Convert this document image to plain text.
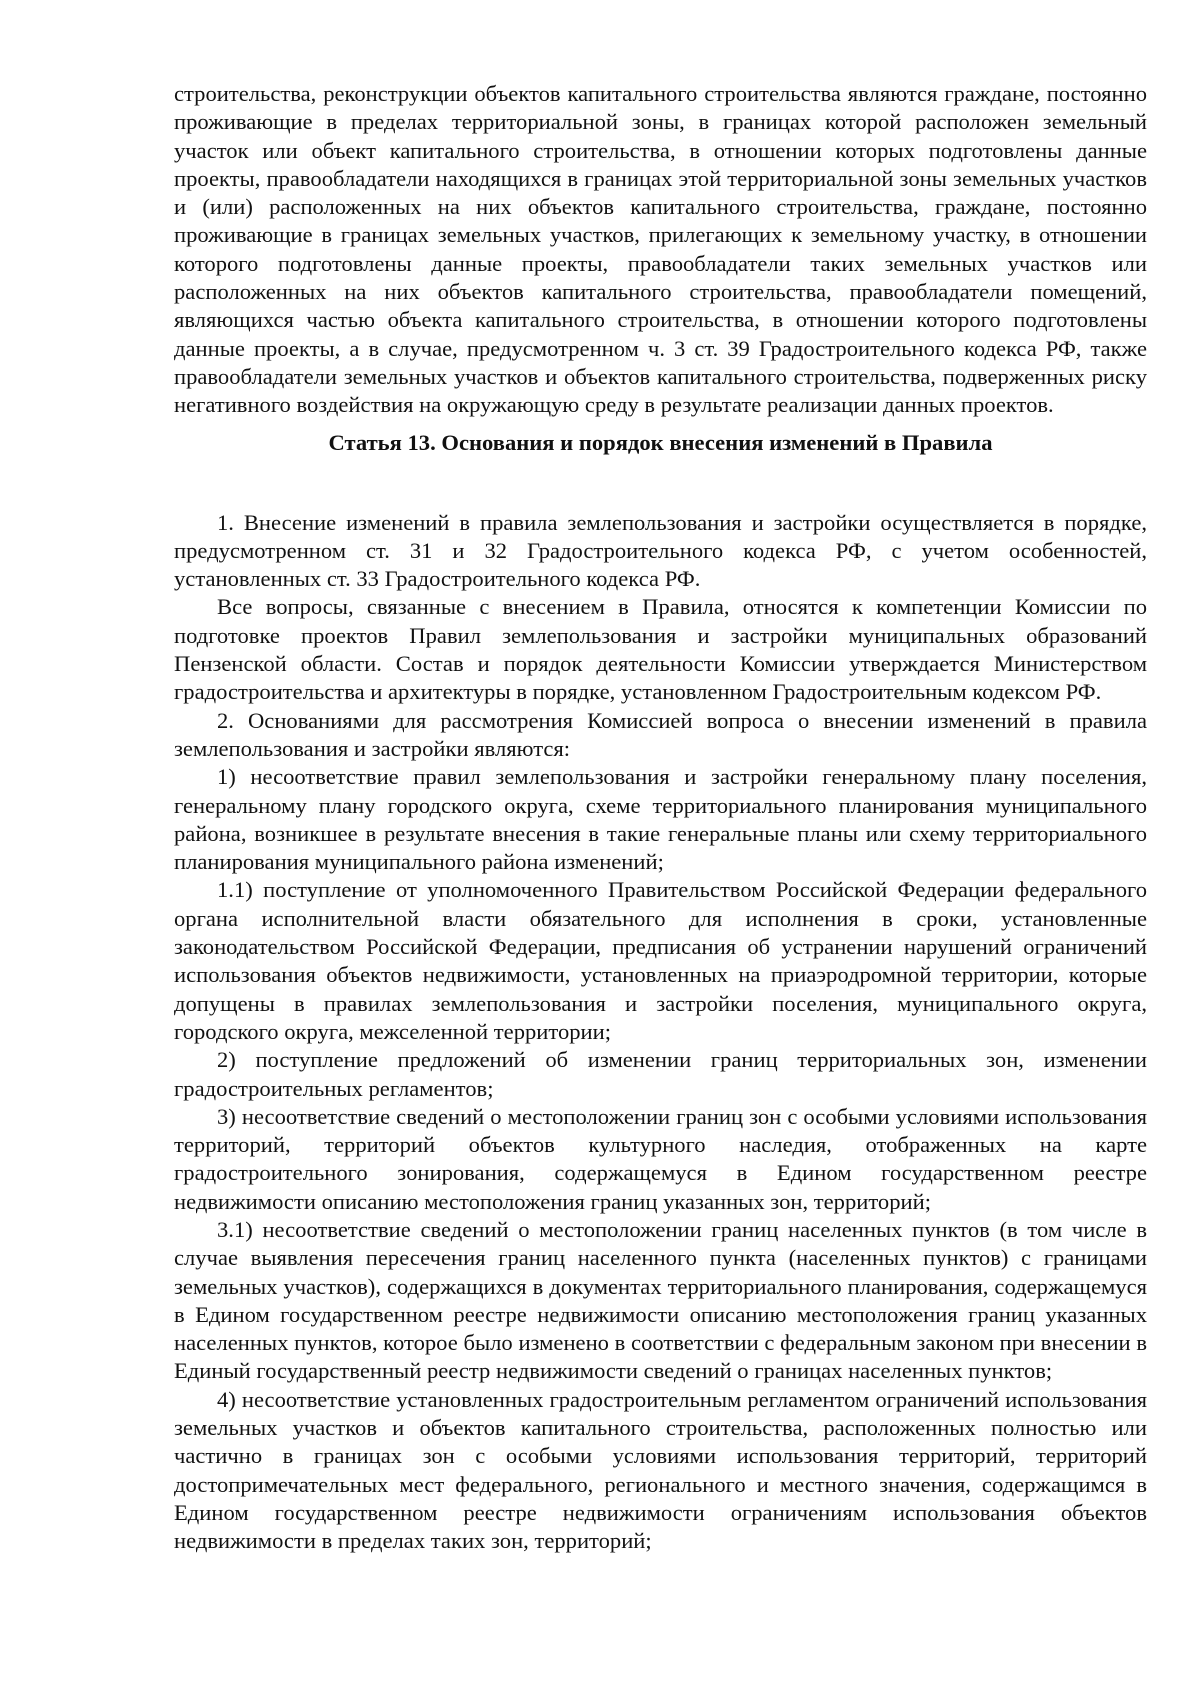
строительства, реконструкции объектов капитального строительства являются граждане, постоянно проживающие в пределах территориальной зоны, в границах которой расположен земельный участок или объект капитального строительства, в отношении которых подготовлены данные проекты, правообладатели находящихся в границах этой территориальной зоны земельных участков и (или) расположенных на них объектов капитального строительства, граждане, постоянно проживающие в границах земельных участков, прилегающих к земельному участку, в отношении которого подготовлены данные проекты, правообладатели таких земельных участков или расположенных на них объектов капитального строительства, правообладатели помещений, являющихся частью объекта капитального строительства, в отношении которого подготовлены данные проекты, а в случае, предусмотренном ч. 3 ст. 39 Градостроительного кодекса РФ, также правообладатели земельных участков и объектов капитального строительства, подверженных риску негативного воздействия на окружающую среду в результате реализации данных проектов.

Статья 13. Основания и порядок внесения изменений в Правила

1. Внесение изменений в правила землепользования и застройки осуществляется в порядке, предусмотренном ст. 31 и 32 Градостроительного кодекса РФ, с учетом особенностей, установленных ст. 33 Градостроительного кодекса РФ.

Все вопросы, связанные с внесением в Правила, относятся к компетенции Комиссии по подготовке проектов Правил землепользования и застройки муниципальных образований Пензенской области. Состав и порядок деятельности Комиссии утверждается Министерством градостроительства и архитектуры в порядке, установленном Градостроительным кодексом РФ.

2. Основаниями для рассмотрения Комиссией вопроса о внесении изменений в правила землепользования и застройки являются:

1) несоответствие правил землепользования и застройки генеральному плану поселения, генеральному плану городского округа, схеме территориального планирования муниципального района, возникшее в результате внесения в такие генеральные планы или схему территориального планирования муниципального района изменений;

1.1) поступление от уполномоченного Правительством Российской Федерации федерального органа исполнительной власти обязательного для исполнения в сроки, установленные законодательством Российской Федерации, предписания об устранении нарушений ограничений использования объектов недвижимости, установленных на приаэродромной территории, которые допущены в правилах землепользования и застройки поселения, муниципального округа, городского округа, межселенной территории;

2) поступление предложений об изменении границ территориальных зон, изменении градостроительных регламентов;

3) несоответствие сведений о местоположении границ зон с особыми условиями использования территорий, территорий объектов культурного наследия, отображенных на карте градостроительного зонирования, содержащемуся в Едином государственном реестре недвижимости описанию местоположения границ указанных зон, территорий;

3.1) несоответствие сведений о местоположении границ населенных пунктов (в том числе в случае выявления пересечения границ населенного пункта (населенных пунктов) с границами земельных участков), содержащихся в документах территориального планирования, содержащемуся в Едином государственном реестре недвижимости описанию местоположения границ указанных населенных пунктов, которое было изменено в соответствии с федеральным законом при внесении в Единый государственный реестр недвижимости сведений о границах населенных пунктов;

4) несоответствие установленных градостроительным регламентом ограничений использования земельных участков и объектов капитального строительства, расположенных полностью или частично в границах зон с особыми условиями использования территорий, территорий достопримечательных мест федерального, регионального и местного значения, содержащимся в Едином государственном реестре недвижимости ограничениям использования объектов недвижимости в пределах таких зон, территорий;
